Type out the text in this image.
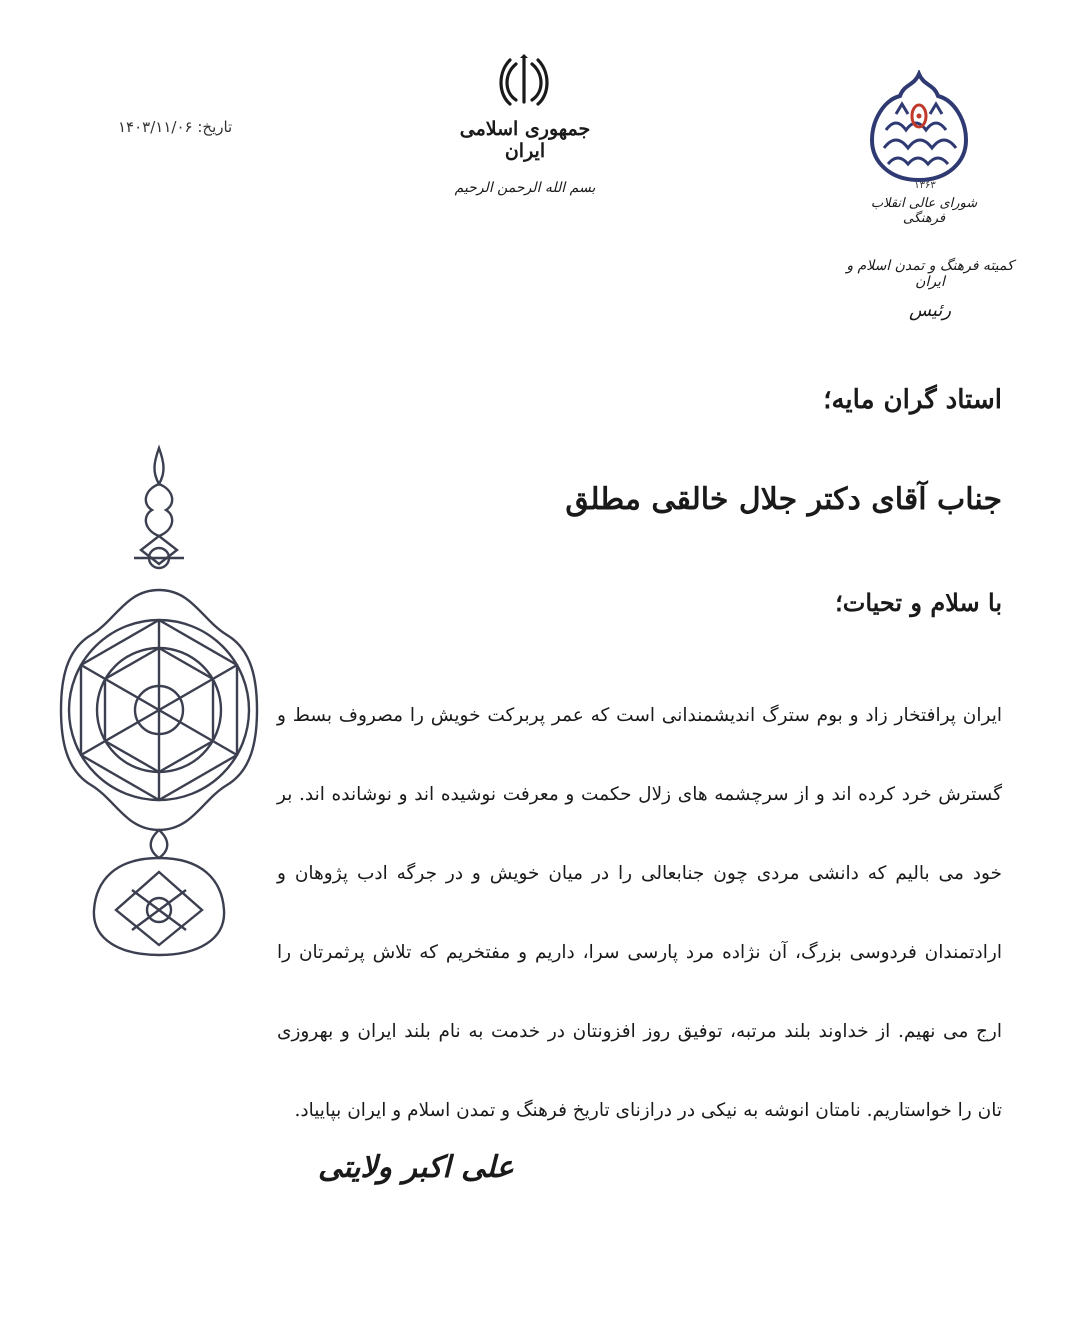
تاریخ: ۱۴۰۳/۱۱/۰۶	جمهوری اسلامی ایران
بسم الله الرحمن الرحیم	۱۳۶۳
شورای عالی انقلاب فرهنگی
کمیته فرهنگ و تمدن اسلام و ایران
رئیس
استاد گران مایه؛
جناب آقای دکتر جلال خالقی مطلق
با سلام و تحیات؛
ایران پرافتخار زاد و بوم سترگ اندیشمندانی است که عمر پربرکت خویش را مصروف بسط و گسترش خرد کرده اند و از سرچشمه های زلال حکمت و معرفت نوشیده اند و نوشانده اند. بر خود می بالیم که دانشی مردی چون جنابعالی را در میان خویش و در جرگه ادب پژوهان و ارادتمندان فردوسی بزرگ، آن نژاده مرد پارسی سرا، داریم و مفتخریم که تلاش پرثمرتان را ارج می نهیم. از خداوند بلند مرتبه، توفیق روز افزونتان در خدمت به نام بلند ایران و بهروزی تان را خواستاریم. نامتان انوشه به نیکی در درازنای تاریخ فرهنگ و تمدن اسلام و ایران بپاییاد.
علی اکبر ولایتی
